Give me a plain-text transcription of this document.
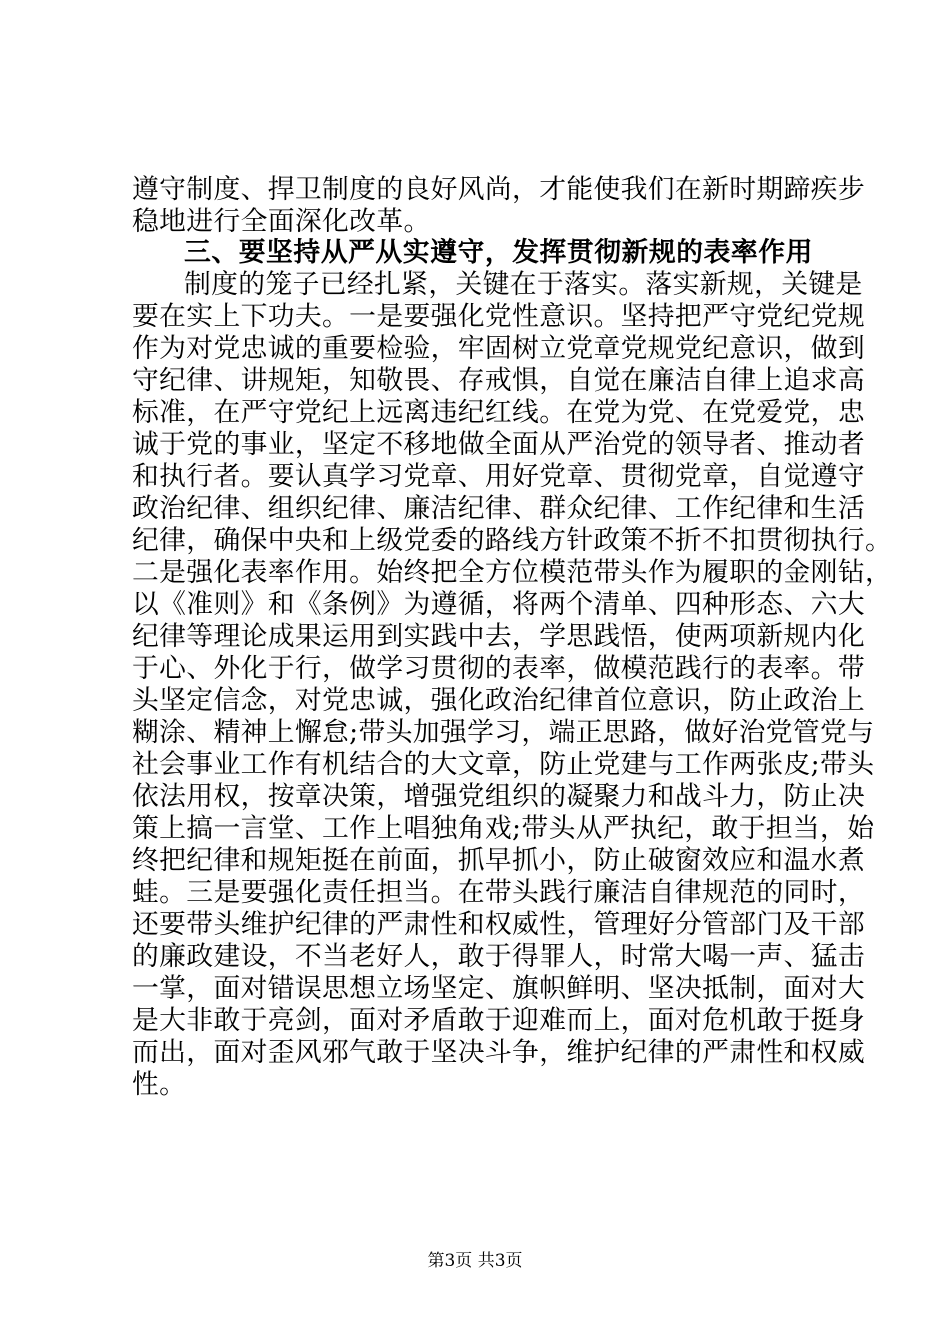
遵守制度、捍卫制度的良好风尚，才能使我们在新时期蹄疾步
稳地进行全面深化改革。
三、要坚持从严从实遵守，发挥贯彻新规的表率作用
制度的笼子已经扎紧，关键在于落实。落实新规，关键是
要在实上下功夫。一是要强化党性意识。坚持把严守党纪党规
作为对党忠诚的重要检验，牢固树立党章党规党纪意识，做到
守纪律、讲规矩，知敬畏、存戒惧，自觉在廉洁自律上追求高
标准，在严守党纪上远离违纪红线。在党为党、在党爱党，忠
诚于党的事业，坚定不移地做全面从严治党的领导者、推动者
和执行者。要认真学习党章、用好党章、贯彻党章，自觉遵守
政治纪律、组织纪律、廉洁纪律、群众纪律、工作纪律和生活
纪律，确保中央和上级党委的路线方针政策不折不扣贯彻执行。
二是强化表率作用。始终把全方位模范带头作为履职的金刚钻，
以《准则》和《条例》为遵循，将两个清单、四种形态、六大
纪律等理论成果运用到实践中去，学思践悟，使两项新规内化
于心、外化于行，做学习贯彻的表率，做模范践行的表率。带
头坚定信念，对党忠诚，强化政治纪律首位意识，防止政治上
糊涂、精神上懈怠;带头加强学习，端正思路，做好治党管党与
社会事业工作有机结合的大文章，防止党建与工作两张皮;带头
依法用权，按章决策，增强党组织的凝聚力和战斗力，防止决
策上搞一言堂、工作上唱独角戏;带头从严执纪，敢于担当，始
终把纪律和规矩挺在前面，抓早抓小，防止破窗效应和温水煮
蛙。三是要强化责任担当。在带头践行廉洁自律规范的同时，
还要带头维护纪律的严肃性和权威性，管理好分管部门及干部
的廉政建设，不当老好人，敢于得罪人，时常大喝一声、猛击
一掌，面对错误思想立场坚定、旗帜鲜明、坚决抵制，面对大
是大非敢于亮剑，面对矛盾敢于迎难而上，面对危机敢于挺身
而出，面对歪风邪气敢于坚决斗争，维护纪律的严肃性和权威
性。
第3页 共3页
